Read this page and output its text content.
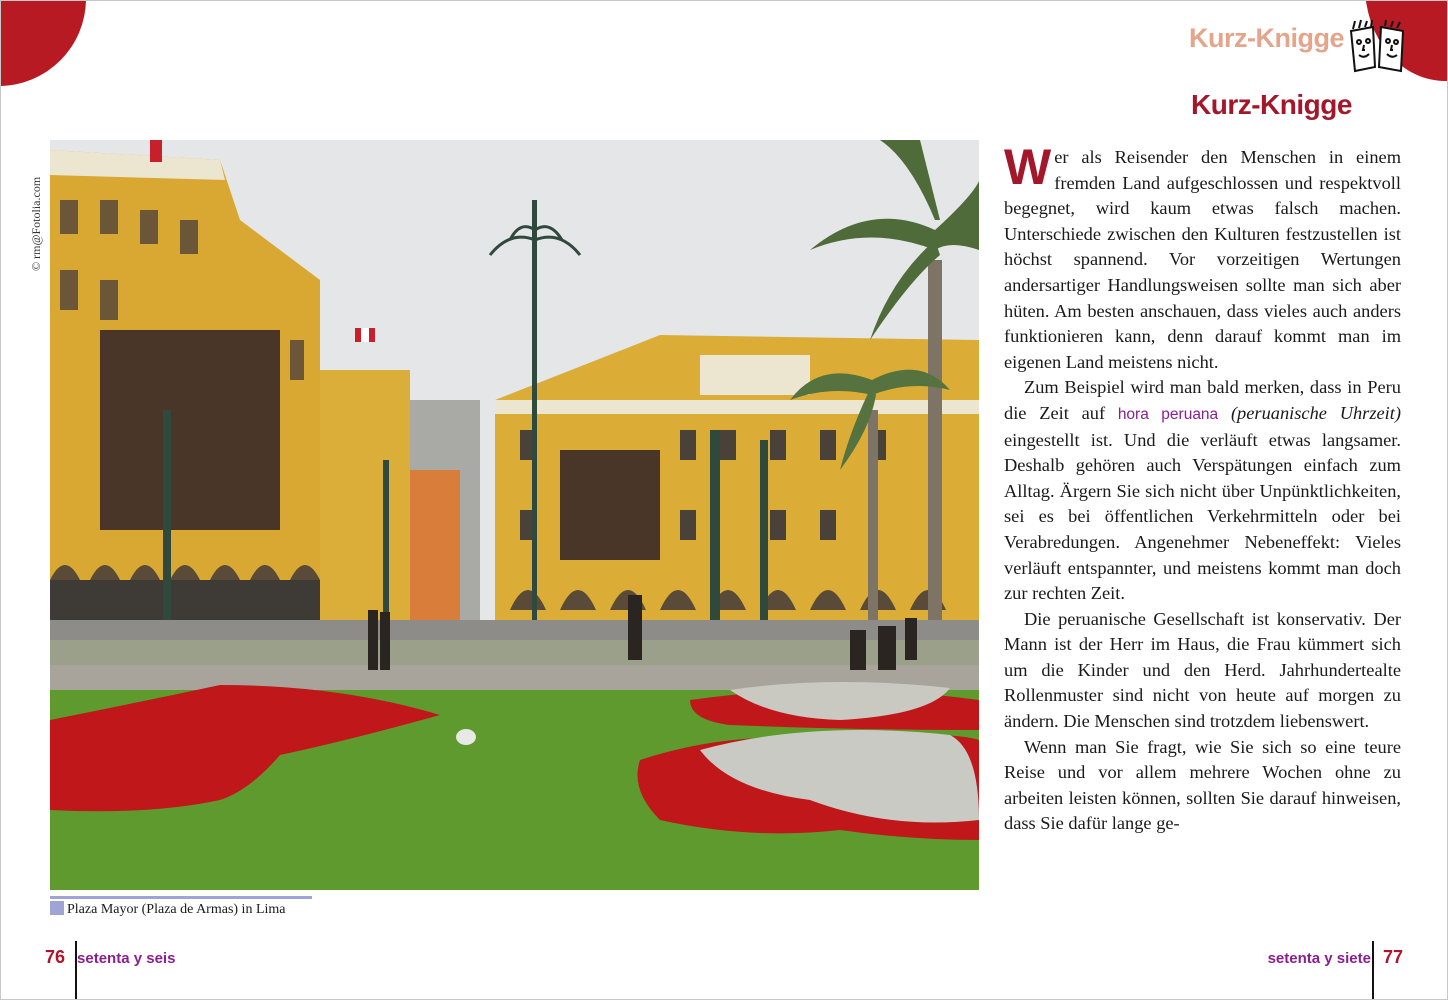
Kurz-Knigge
Kurz-Knigge
© rm@Fotolia.com
Plaza Mayor (Plaza de Armas) in Lima

Wer als Reisender den Menschen in einem fremden Land aufgeschlossen und respektvoll begegnet, wird kaum etwas falsch machen. Unterschiede zwischen den Kulturen festzustellen ist höchst spannend. Vor vorzeitigen Wertungen andersartiger Handlungsweisen sollte man sich aber hüten. Am besten anschauen, dass vieles auch anders funktionieren kann, denn darauf kommt man im eigenen Land meistens nicht.

Zum Beispiel wird man bald merken, dass in Peru die Zeit auf hora peruana (peruanische Uhrzeit) eingestellt ist. Und die verläuft etwas langsamer. Deshalb gehören auch Verspätungen einfach zum Alltag. Ärgern Sie sich nicht über Unpünktlichkeiten, sei es bei öffentlichen Verkehrmitteln oder bei Verabredungen. Angenehmer Nebeneffekt: Vieles verläuft entspannter, und meistens kommt man doch zur rechten Zeit.

Die peruanische Gesellschaft ist konservativ. Der Mann ist der Herr im Haus, die Frau kümmert sich um die Kinder und den Herd. Jahrhundertealte Rollenmuster sind nicht von heute auf morgen zu ändern. Die Menschen sind trotzdem liebenswert.

Wenn man Sie fragt, wie Sie sich so eine teure Reise und vor allem mehrere Wochen ohne zu arbeiten leisten können, sollten Sie darauf hinweisen, dass Sie dafür lange ge-

76 setenta y seis	setenta y siete 77
